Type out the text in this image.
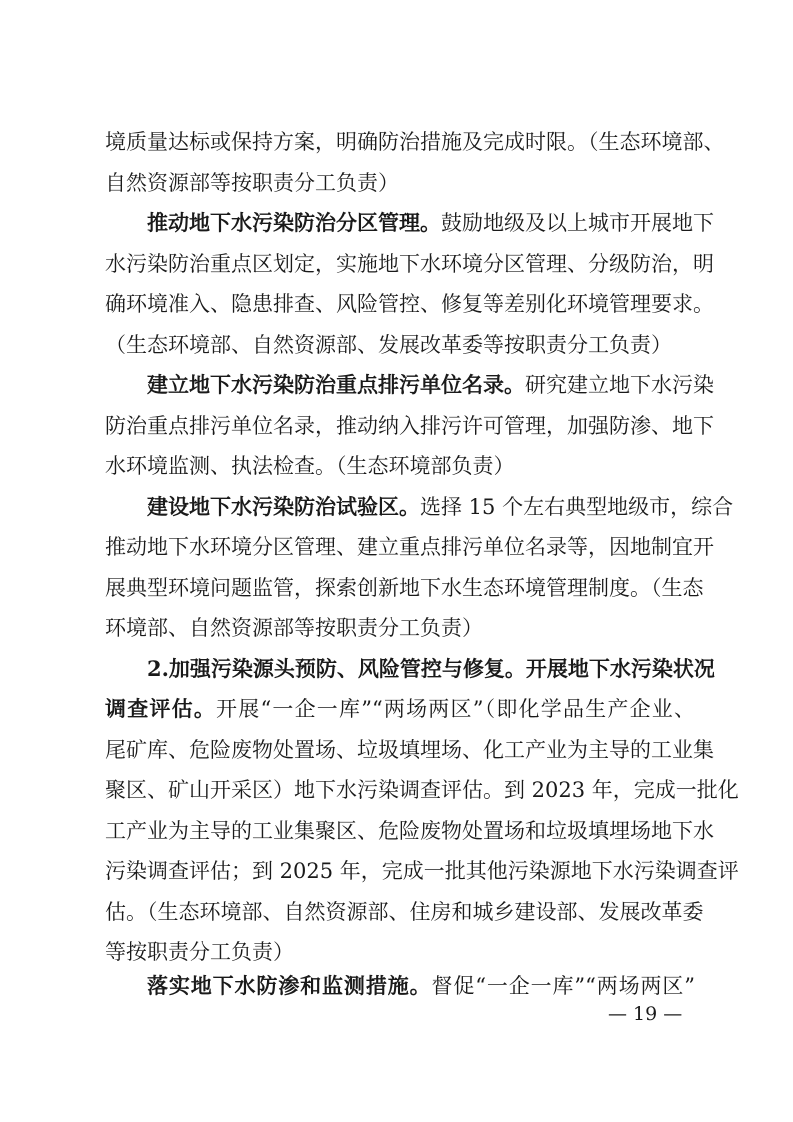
境质量达标或保持方案，明确防治措施及完成时限。（生态环境部、
自然资源部等按职责分工负责）
推动地下水污染防治分区管理。鼓励地级及以上城市开展地下
水污染防治重点区划定，实施地下水环境分区管理、分级防治，明
确环境准入、隐患排查、风险管控、修复等差别化环境管理要求。
（生态环境部、自然资源部、发展改革委等按职责分工负责）
建立地下水污染防治重点排污单位名录。研究建立地下水污染
防治重点排污单位名录，推动纳入排污许可管理，加强防渗、地下
水环境监测、执法检查。（生态环境部负责）
建设地下水污染防治试验区。选择 15 个左右典型地级市，综合
推动地下水环境分区管理、建立重点排污单位名录等，因地制宜开
展典型环境问题监管，探索创新地下水生态环境管理制度。（生态
环境部、自然资源部等按职责分工负责）
2.加强污染源头预防、风险管控与修复。开展地下水污染状况
调查评估。开展“一企一库”“两场两区”（即化学品生产企业、
尾矿库、危险废物处置场、垃圾填埋场、化工产业为主导的工业集
聚区、矿山开采区）地下水污染调查评估。到 2023 年，完成一批化
工产业为主导的工业集聚区、危险废物处置场和垃圾填埋场地下水
污染调查评估；到 2025 年，完成一批其他污染源地下水污染调查评
估。（生态环境部、自然资源部、住房和城乡建设部、发展改革委
等按职责分工负责）
落实地下水防渗和监测措施。督促“一企一库”“两场两区”
— 19 —
